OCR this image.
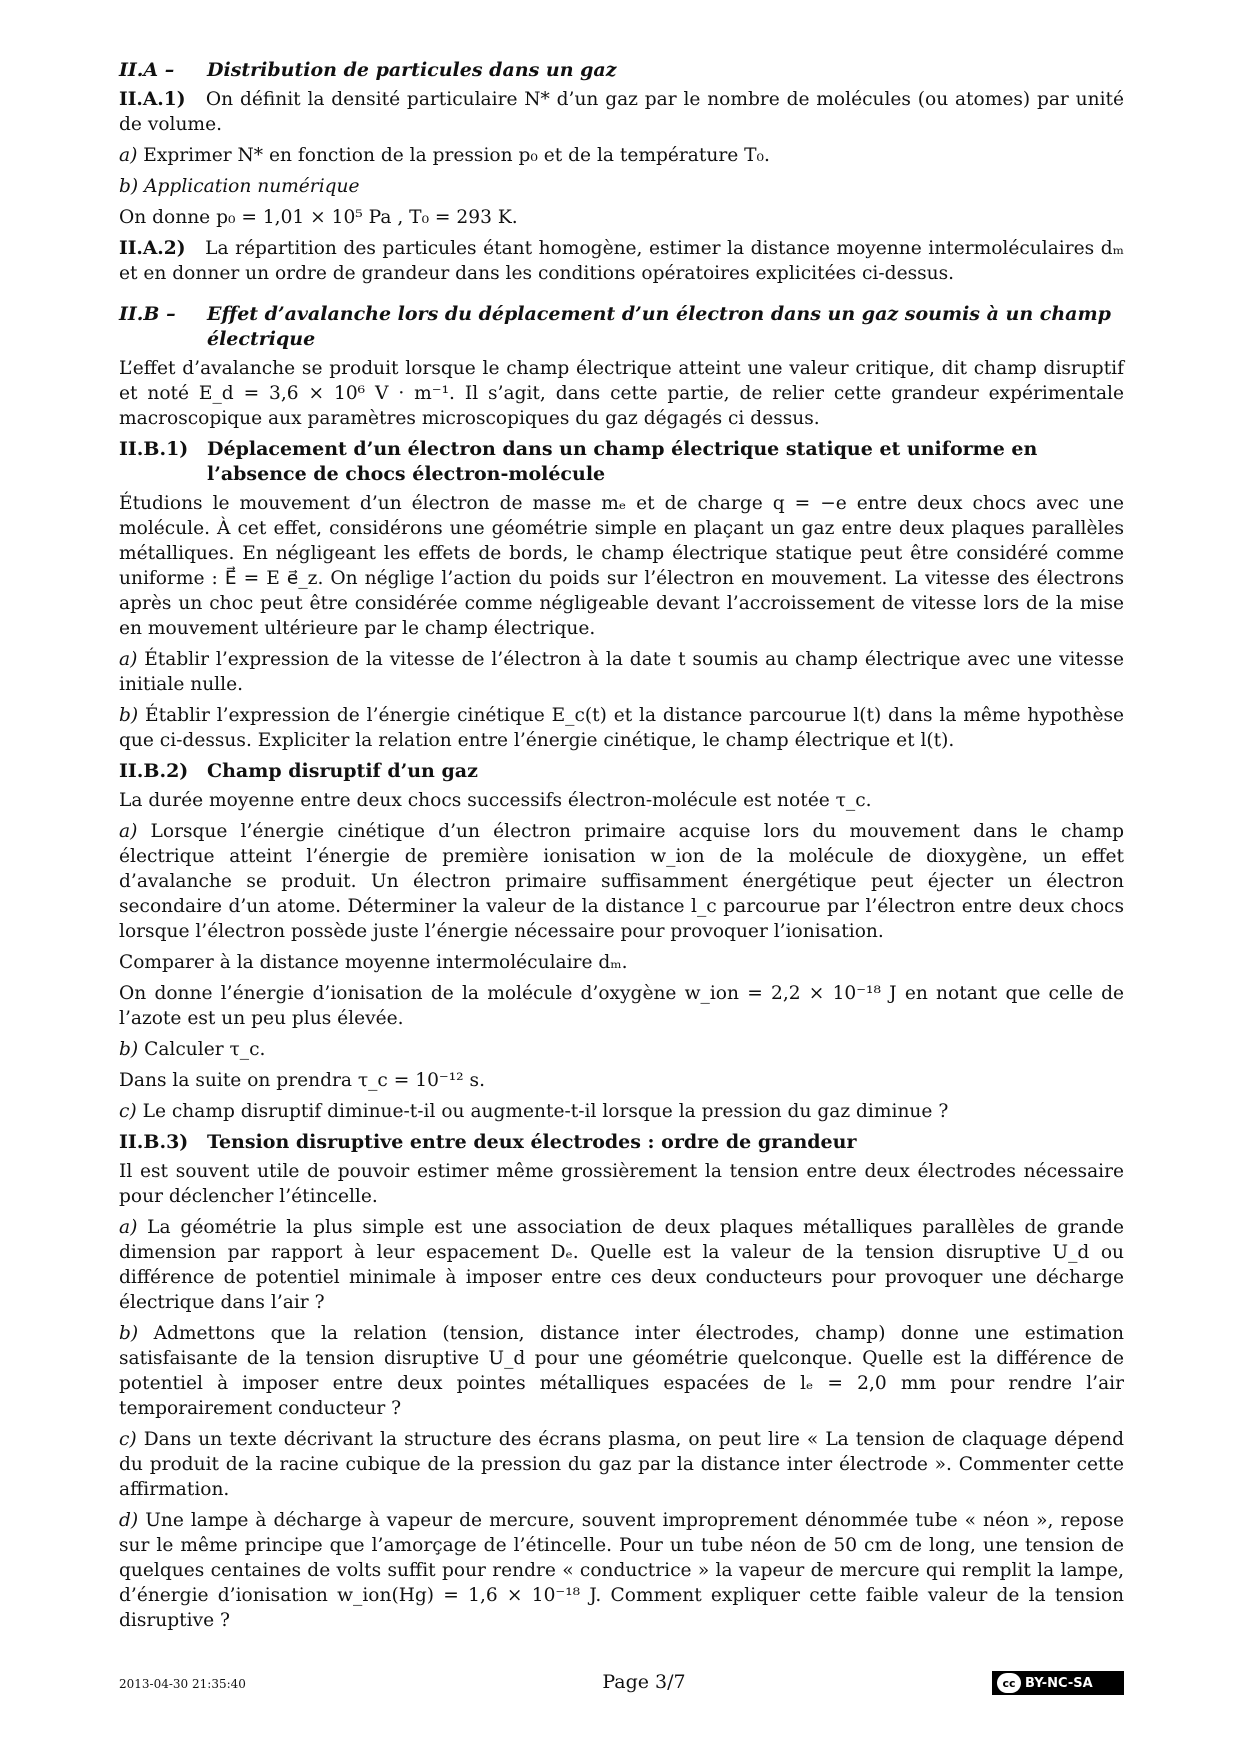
II.A –	Distribution de particules dans un gaz

II.A.1) On définit la densité particulaire N* d’un gaz par le nombre de molécules (ou atomes) par unité de volume.

a) Exprimer N* en fonction de la pression p₀ et de la température T₀.

b) Application numérique

On donne p₀ = 1,01 × 10⁵ Pa , T₀ = 293 K.

II.A.2) La répartition des particules étant homogène, estimer la distance moyenne intermoléculaires dₘ et en donner un ordre de grandeur dans les conditions opératoires explicitées ci-dessus.

II.B –	Effet d’avalanche lors du déplacement d’un électron dans un gaz soumis à un champ électrique

L’effet d’avalanche se produit lorsque le champ électrique atteint une valeur critique, dit champ disruptif et noté E_d = 3,6 × 10⁶ V · m⁻¹. Il s’agit, dans cette partie, de relier cette grandeur expérimentale macroscopique aux paramètres microscopiques du gaz dégagés ci dessus.

II.B.1) Déplacement d’un électron dans un champ électrique statique et uniforme en l’absence de chocs électron-molécule

Étudions le mouvement d’un électron de masse mₑ et de charge q = −e entre deux chocs avec une molécule. À cet effet, considérons une géométrie simple en plaçant un gaz entre deux plaques parallèles métalliques. En négligeant les effets de bords, le champ électrique statique peut être considéré comme uniforme : E⃗ = E e⃗_z. On néglige l’action du poids sur l’électron en mouvement. La vitesse des électrons après un choc peut être considérée comme négligeable devant l’accroissement de vitesse lors de la mise en mouvement ultérieure par le champ électrique.

a) Établir l’expression de la vitesse de l’électron à la date t soumis au champ électrique avec une vitesse initiale nulle.

b) Établir l’expression de l’énergie cinétique E_c(t) et la distance parcourue l(t) dans la même hypothèse que ci-dessus. Expliciter la relation entre l’énergie cinétique, le champ électrique et l(t).

II.B.2) Champ disruptif d’un gaz

La durée moyenne entre deux chocs successifs électron-molécule est notée τ_c.

a) Lorsque l’énergie cinétique d’un électron primaire acquise lors du mouvement dans le champ électrique atteint l’énergie de première ionisation w_ion de la molécule de dioxygène, un effet d’avalanche se produit. Un électron primaire suffisamment énergétique peut éjecter un électron secondaire d’un atome. Déterminer la valeur de la distance l_c parcourue par l’électron entre deux chocs lorsque l’électron possède juste l’énergie nécessaire pour provoquer l’ionisation.

Comparer à la distance moyenne intermoléculaire dₘ.

On donne l’énergie d’ionisation de la molécule d’oxygène w_ion = 2,2 × 10⁻¹⁸ J en notant que celle de l’azote est un peu plus élevée.

b) Calculer τ_c.

Dans la suite on prendra τ_c = 10⁻¹² s.

c) Le champ disruptif diminue-t-il ou augmente-t-il lorsque la pression du gaz diminue ?

II.B.3) Tension disruptive entre deux électrodes : ordre de grandeur

Il est souvent utile de pouvoir estimer même grossièrement la tension entre deux électrodes nécessaire pour déclencher l’étincelle.

a) La géométrie la plus simple est une association de deux plaques métalliques parallèles de grande dimension par rapport à leur espacement Dₑ. Quelle est la valeur de la tension disruptive U_d ou différence de potentiel minimale à imposer entre ces deux conducteurs pour provoquer une décharge électrique dans l’air ?

b) Admettons que la relation (tension, distance inter électrodes, champ) donne une estimation satisfaisante de la tension disruptive U_d pour une géométrie quelconque. Quelle est la différence de potentiel à imposer entre deux pointes métalliques espacées de lₑ = 2,0 mm pour rendre l’air temporairement conducteur ?

c) Dans un texte décrivant la structure des écrans plasma, on peut lire « La tension de claquage dépend du produit de la racine cubique de la pression du gaz par la distance inter électrode ». Commenter cette affirmation.

d) Une lampe à décharge à vapeur de mercure, souvent improprement dénommée tube « néon », repose sur le même principe que l’amorçage de l’étincelle. Pour un tube néon de 50 cm de long, une tension de quelques centaines de volts suffit pour rendre « conductrice » la vapeur de mercure qui remplit la lampe, d’énergie d’ionisation w_ion(Hg) = 1,6 × 10⁻¹⁸ J. Comment expliquer cette faible valeur de la tension disruptive ?

2013-04-30 21:35:40	Page 3/7	cc BY-NC-SA
